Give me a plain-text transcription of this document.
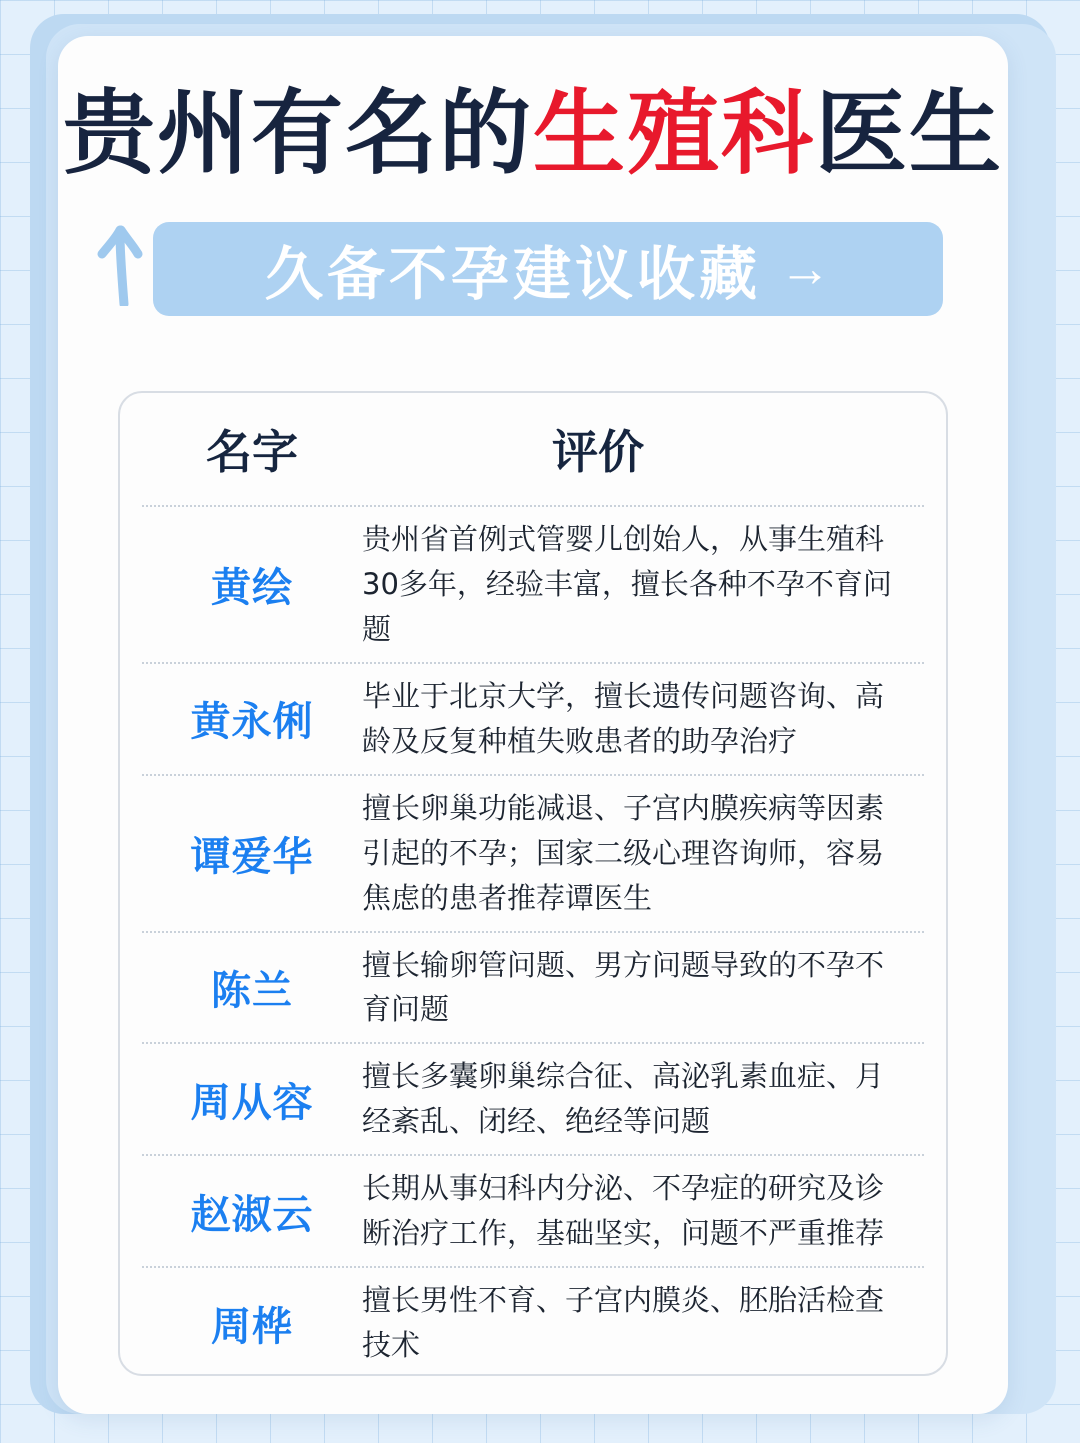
贵州有名的生殖科医生
久备不孕建议收藏 →
名字	评价
黄绘
贵州省首例式管婴儿创始人，从事生殖科30多年，经验丰富，擅长各种不孕不育问题
黄永俐
毕业于北京大学，擅长遗传问题咨询、高龄及反复种植失败患者的助孕治疗
谭爱华
擅长卵巢功能减退、子宫内膜疾病等因素引起的不孕；国家二级心理咨询师，容易焦虑的患者推荐谭医生
陈兰
擅长输卵管问题、男方问题导致的不孕不育问题
周从容
擅长多囊卵巢综合征、高泌乳素血症、月经紊乱、闭经、绝经等问题
赵淑云
长期从事妇科内分泌、不孕症的研究及诊断治疗工作，基础坚实，问题不严重推荐
周桦
擅长男性不育、子宫内膜炎、胚胎活检查技术
